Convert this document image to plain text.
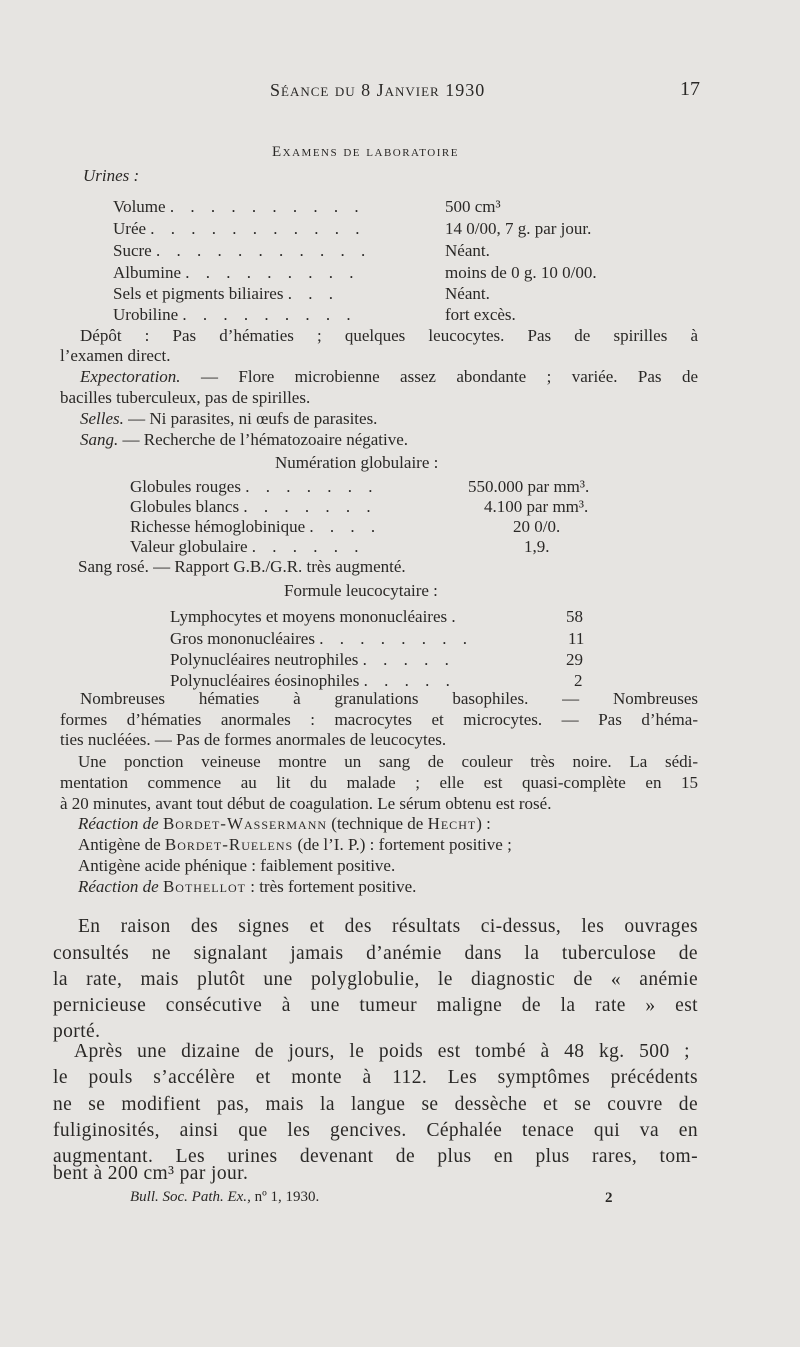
Séance du 8 Janvier 1930	17
Examens de laboratoire
Urines :
Volume . . . . . . . . . .	500 cm³
Urée . . . . . . . . . . .	14 0/00, 7 g. par jour.
Sucre . . . . . . . . . . .	Néant.
Albumine . . . . . . . . .	moins de 0 g. 10 0/00.
Sels et pigments biliaires . . .	Néant.
Urobiline . . . . . . . . .	fort excès.
Dépôt : Pas d’hématies ; quelques leucocytes. Pas de spirilles à
l’examen direct.
Expectoration. — Flore microbienne assez abondante ; variée. Pas de
bacilles tuberculeux, pas de spirilles.
Selles. — Ni parasites, ni œufs de parasites.
Sang. — Recherche de l’hématozoaire négative.
Numération globulaire :
Globules rouges . . . . . . .	550.000 par mm³.
Globules blancs . . . . . . .	4.100 par mm³.
Richesse hémoglobinique . . . .	20 0/0.
Valeur globulaire . . . . . .	1,9.
Sang rosé. — Rapport G.B./G.R. très augmenté.
Formule leucocytaire :
Lymphocytes et moyens mononucléaires .	58
Gros mononucléaires . . . . . . . .	11
Polynucléaires neutrophiles . . . . .	29
Polynucléaires éosinophiles . . . . .	2
Nombreuses hématies à granulations basophiles. — Nombreuses
formes d’hématies anormales : macrocytes et microcytes. — Pas d’héma-
ties nucléées. — Pas de formes anormales de leucocytes.
Une ponction veineuse montre un sang de couleur très noire. La sédi-
mentation commence au lit du malade ; elle est quasi-complète en 15
à 20 minutes, avant tout début de coagulation. Le sérum obtenu est rosé.
Réaction de Bordet-Wassermann (technique de Hecht) :
Antigène de Bordet-Ruelens (de l’I. P.) : fortement positive ;
Antigène acide phénique : faiblement positive.
Réaction de Bothellot : très fortement positive.
En raison des signes et des résultats ci-dessus, les ouvrages
consultés ne signalant jamais d’anémie dans la tuberculose de
la rate, mais plutôt une polyglobulie, le diagnostic de « anémie
pernicieuse consécutive à une tumeur maligne de la rate » est
porté.
Après une dizaine de jours, le poids est tombé à 48 kg. 500 ;
le pouls s’accélère et monte à 112. Les symptômes précédents
ne se modifient pas, mais la langue se dessèche et se couvre de
fuliginosités, ainsi que les gencives. Céphalée tenace qui va en
augmentant. Les urines devenant de plus en plus rares, tom-
bent à 200 cm³ par jour.
Bull. Soc. Path. Ex., nº 1, 1930.	2
